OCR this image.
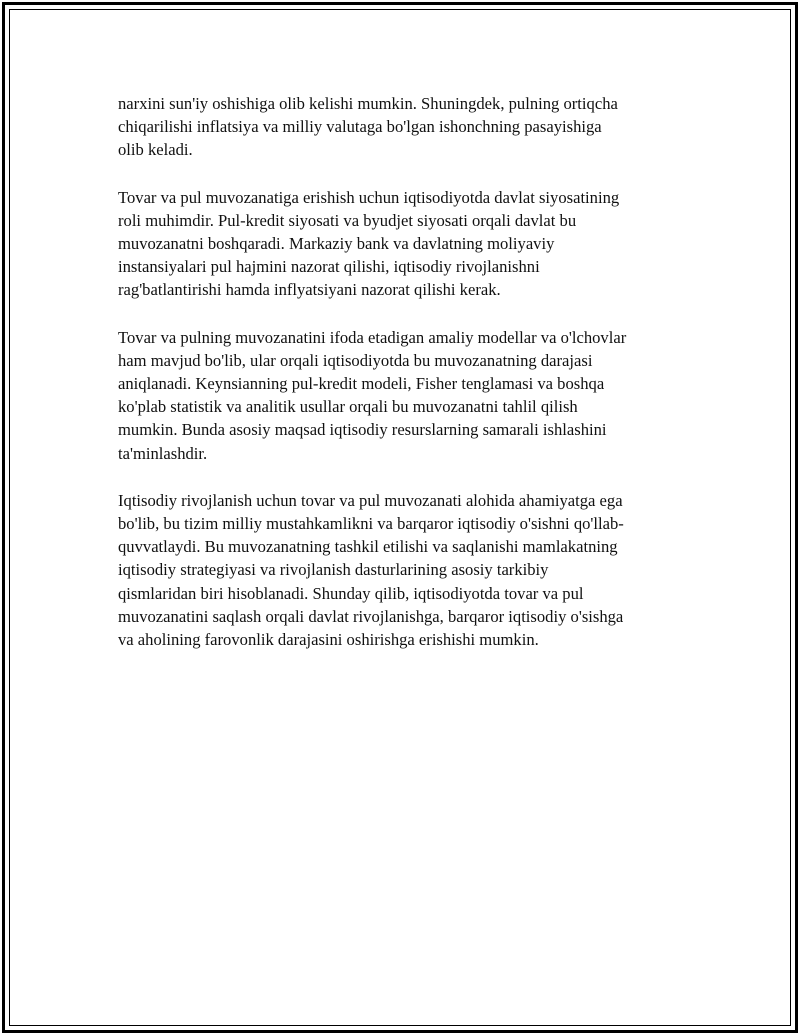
narxini sun'iy oshishiga olib kelishi mumkin. Shuningdek, pulning ortiqcha
chiqarilishi inflatsiya va milliy valutaga bo'lgan ishonchning pasayishiga
olib keladi.

Tovar va pul muvozanatiga erishish uchun iqtisodiyotda davlat siyosatining
roli muhimdir. Pul-kredit siyosati va byudjet siyosati orqali davlat bu
muvozanatni boshqaradi. Markaziy bank va davlatning moliyaviy
instansiyalari pul hajmini nazorat qilishi, iqtisodiy rivojlanishni
rag'batlantirishi hamda inflyatsiyani nazorat qilishi kerak.

Tovar va pulning muvozanatini ifoda etadigan amaliy modellar va o'lchovlar
ham mavjud bo'lib, ular orqali iqtisodiyotda bu muvozanatning darajasi
aniqlanadi. Keynsianning pul-kredit modeli, Fisher tenglamasi va boshqa
ko'plab statistik va analitik usullar orqali bu muvozanatni tahlil qilish
mumkin. Bunda asosiy maqsad iqtisodiy resurslarning samarali ishlashini
ta'minlashdir.

Iqtisodiy rivojlanish uchun tovar va pul muvozanati alohida ahamiyatga ega
bo'lib, bu tizim milliy mustahkamlikni va barqaror iqtisodiy o'sishni qo'llab-
quvvatlaydi. Bu muvozanatning tashkil etilishi va saqlanishi mamlakatning
iqtisodiy strategiyasi va rivojlanish dasturlarining asosiy tarkibiy
qismlaridan biri hisoblanadi. Shunday qilib, iqtisodiyotda tovar va pul
muvozanatini saqlash orqali davlat rivojlanishga, barqaror iqtisodiy o'sishga
va aholining farovonlik darajasini oshirishga erishishi mumkin.
